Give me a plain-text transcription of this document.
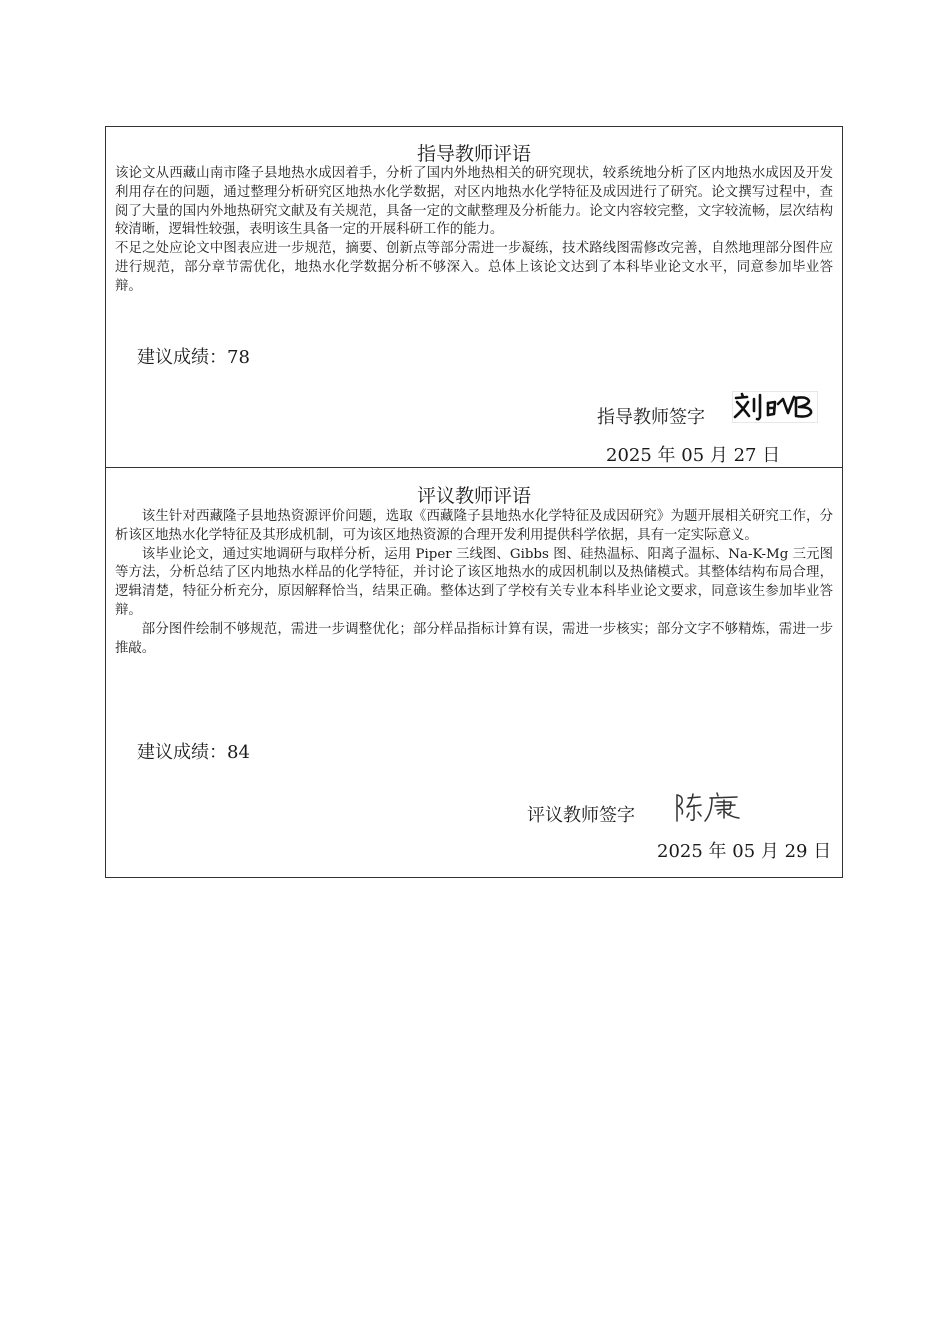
指导教师评语

该论文从西藏山南市隆子县地热水成因着手，分析了国内外地热相关的研究现状，较系统地分析了区内地热水成因及开发利用存在的问题，通过整理分析研究区地热水化学数据，对区内地热水化学特征及成因进行了研究。论文撰写过程中，查阅了大量的国内外地热研究文献及有关规范，具备一定的文献整理及分析能力。论文内容较完整，文字较流畅，层次结构较清晰，逻辑性较强，表明该生具备一定的开展科研工作的能力。

不足之处应论文中图表应进一步规范，摘要、创新点等部分需进一步凝练，技术路线图需修改完善，自然地理部分图件应进行规范，部分章节需优化，地热水化学数据分析不够深入。总体上该论文达到了本科毕业论文水平，同意参加毕业答辩。

建议成绩：78
指导教师签字
2025 年 05 月 27 日
评议教师评语

该生针对西藏隆子县地热资源评价问题，选取《西藏隆子县地热水化学特征及成因研究》为题开展相关研究工作，分析该区地热水化学特征及其形成机制，可为该区地热资源的合理开发利用提供科学依据，具有一定实际意义。

该毕业论文，通过实地调研与取样分析，运用 Piper 三线图、Gibbs 图、硅热温标、阳离子温标、Na-K-Mg 三元图等方法，分析总结了区内地热水样品的化学特征，并讨论了该区地热水的成因机制以及热储模式。其整体结构布局合理，逻辑清楚，特征分析充分，原因解释恰当，结果正确。整体达到了学校有关专业本科毕业论文要求，同意该生参加毕业答辩。

部分图件绘制不够规范，需进一步调整优化；部分样品指标计算有误，需进一步核实；部分文字不够精炼，需进一步推敲。

建议成绩：84
评议教师签字
2025 年 05 月 29 日
